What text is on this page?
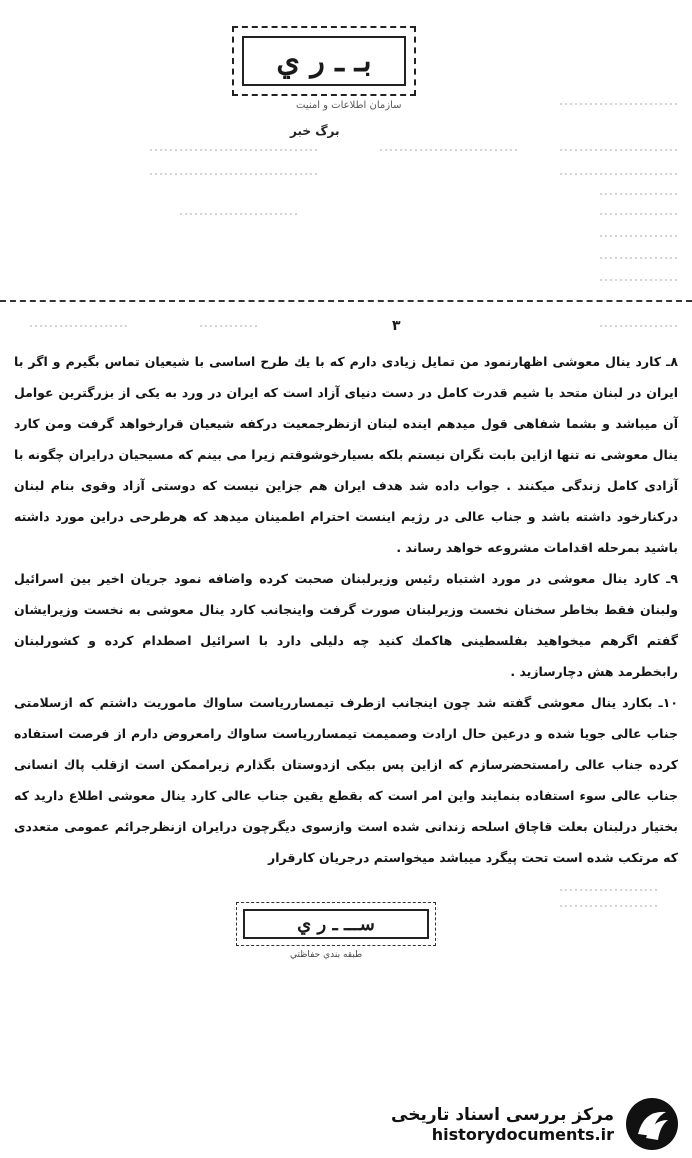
بـ ـ ر ي
سازمان اطلاعات و امنيت
برگ خبر
۳

۸ـ كارد ينال معوشى اظهارنمود من تمايل زيادى دارم كه با يك طرح اساسى با شيعيان تماس بگيرم و اگر با ايران در لبنان متحد با شيم قدرت كامل در دست دنياى آزاد است كه ايران در ورد به يكى از بزرگترين عوامل آن ميباشد و بشما شفاهى قول ميدهم اينده لبنان ازنظرجمعيت دركفه شيعيان قرارخواهد گرفت ومن كارد ينال معوشى نه تنها ازاين بابت نگران نيستم بلكه بسيارخوشوقتم زيرا مى بينم كه مسيحيان درايران چگونه با آزادى كامل زندگى ميكنند . جواب داده شد هدف ايران هم جزاين نيست كه دوستى آزاد وقوى بنام لبنان دركنارخود داشته باشد و جناب عالى در رژيم اينست احترام اطمينان ميدهد كه هرطرحى دراين مورد داشته باشيد بمرحله اقدامات مشروعه خواهد رساند .

۹ـ كارد ينال معوشى در مورد اشتباه رئيس وزيرلبنان صحبت كرده واضافه نمود جريان اخير بين اسرائيل ولبنان فقط بخاطر سخنان نخست وزيرلبنان صورت گرفت واينجانب كارد ينال معوشى به نخست وزيرايشان گفتم اگرهم ميخواهيد بفلسطينى هاكمك كنيد چه دليلى دارد با اسرائيل اصطدام كرده و كشورلبنان رابخطرمد هش دچارسازيد .

۱۰ـ بكارد ينال معوشى گفته شد چون اينجانب ازطرف تيمساررياست ساواك ماموريت داشتم كه ازسلامتى جناب عالى جويا شده و درعين حال ارادت وصميمت تيمساررياست ساواك رامعروض دارم از فرصت استفاده كرده جناب عالى رامستحضرسازم كه ازاين پس بيكى ازدوستان بگذارم زيراممكن است ازقلب پاك انسانى جناب عالى سوء استفاده بنمايند واين امر است كه بقطع يقين جناب عالى كارد ينال معوشى اطلاع داريد كه بختيار درلبنان بعلت قاچاق اسلحه زندانى شده است وازسوى ديگرچون درايران ازنظرجرائم عمومى متعددى كه مرتكب شده است تحت پيگرد ميباشد ميخواستم درجريان كارقرار

ســـ ـ ر ي
طبقه بندي حفاظتي
مركز بررسى اسناد تاريخى
historydocuments.ir
